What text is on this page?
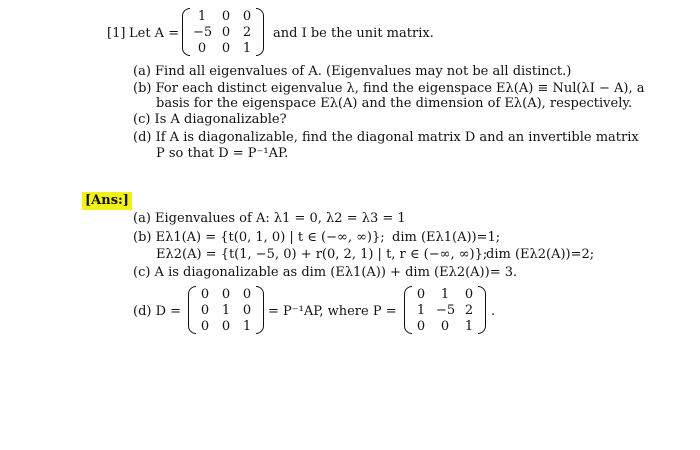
[1] Let A =
1	0 0
−5 0 2
0	0 1
and I be the unit matrix.
(a) Find all eigenvalues of A. (Eigenvalues may not be all distinct.)
(b) For each distinct eigenvalue λ, find the eigenspace Eλ(A) ≡ Nul(λI − A), a
basis for the eigenspace Eλ(A) and the dimension of Eλ(A), respectively.
(c) Is A diagonalizable?
(d) If A is diagonalizable, find the diagonal matrix D and an invertible matrix
P so that D = P⁻¹AP.
[Ans:]
(a) Eigenvalues of A: λ1 = 0, λ2 = λ3 = 1
(b) Eλ1(A) = {t(0, 1, 0) | t ∈ (−∞, ∞)}; dim (Eλ1(A))=1;
Eλ2(A) = {t(1, −5, 0) + r(0, 2, 1) | t, r ∈ (−∞, ∞)};
dim (Eλ2(A))=2;
(c) A is diagonalizable as dim (Eλ1(A)) + dim (Eλ2(A))= 3.
(d) D =
0 0 0
0 1 0
0 0 1
= P⁻¹AP, where P =
0	1	0
1 −5 2
0	0	1
.
